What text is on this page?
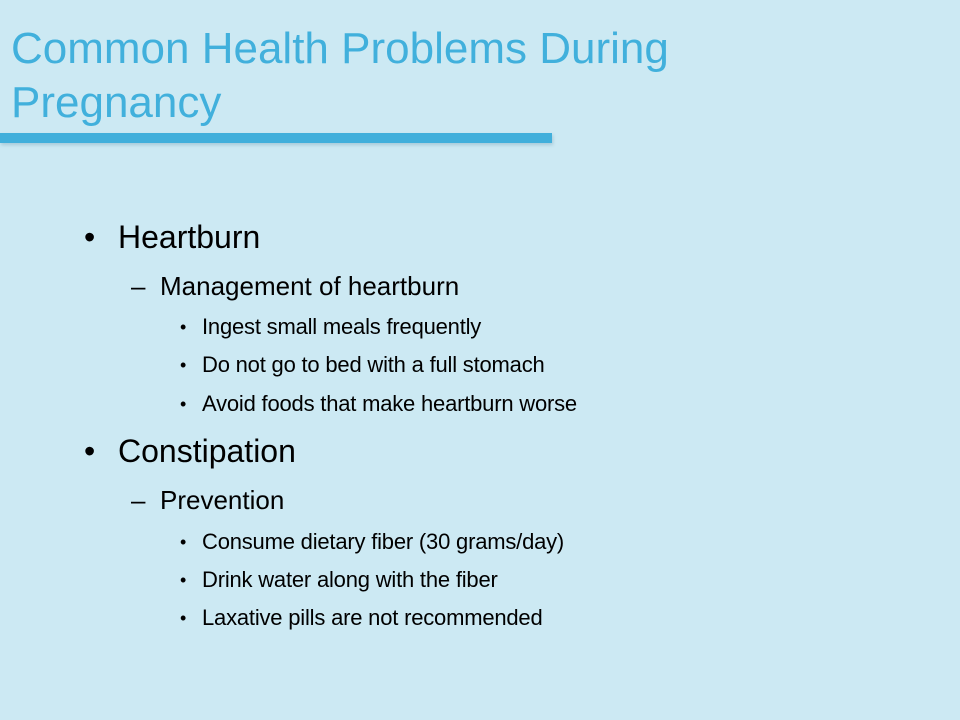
Common Health Problems During
Pregnancy
• Heartburn
– Management of heartburn
• Ingest small meals frequently
• Do not go to bed with a full stomach
• Avoid foods that make heartburn worse
• Constipation
– Prevention
• Consume dietary fiber (30 grams/day)
• Drink water along with the fiber
• Laxative pills are not recommended
